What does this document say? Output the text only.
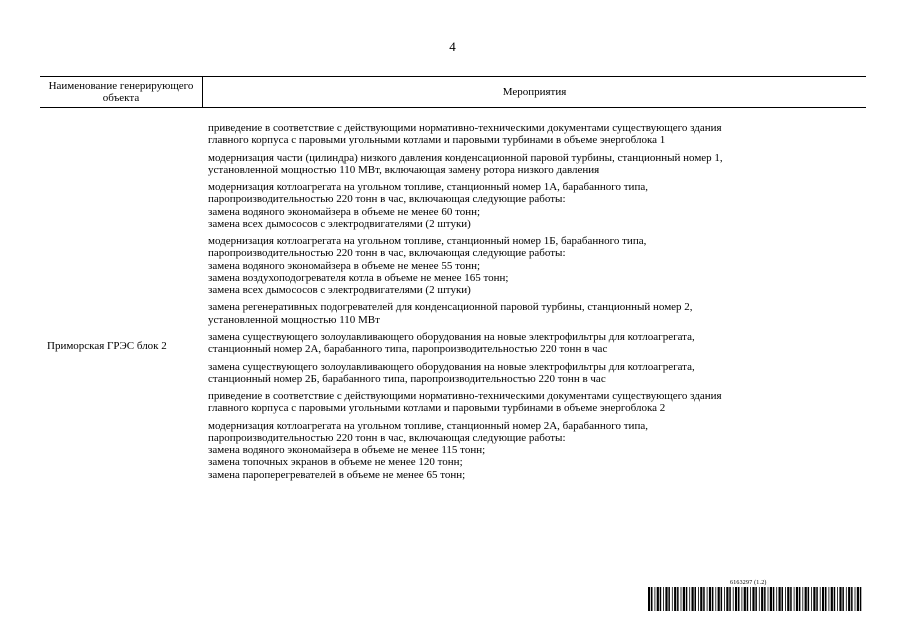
4
Наименование генерирующего объекта	Мероприятия
Приморская ГРЭС блок 2
приведение в соответствие с действующими нормативно-техническими документами существующего здания
главного корпуса с паровыми угольными котлами и паровыми турбинами в объеме энергоблока 1
модернизация части (цилиндра) низкого давления конденсационной паровой турбины, станционный номер 1,
установленной мощностью 110 МВт, включающая замену ротора низкого давления
модернизация котлоагрегата на угольном топливе, станционный номер 1А, барабанного типа,
паропроизводительностью 220 тонн в час, включающая следующие работы:
замена водяного экономайзера в объеме не менее 60 тонн;
замена всех дымососов с электродвигателями (2 штуки)
модернизация котлоагрегата на угольном топливе, станционный номер 1Б, барабанного типа,
паропроизводительностью 220 тонн в час, включающая следующие работы:
замена водяного экономайзера в объеме не менее 55 тонн;
замена воздухоподогревателя котла в объеме не менее 165 тонн;
замена всех дымососов с электродвигателями (2 штуки)
замена регенеративных подогревателей для конденсационной паровой турбины, станционный номер 2,
установленной мощностью 110 МВт
замена существующего золоулавливающего оборудования на новые электрофильтры для котлоагрегата,
станционный номер 2А, барабанного типа, паропроизводительностью 220 тонн в час
замена существующего золоулавливающего оборудования на новые электрофильтры для котлоагрегата,
станционный номер 2Б, барабанного типа, паропроизводительностью 220 тонн в час
приведение в соответствие с действующими нормативно-техническими документами существующего здания
главного корпуса с паровыми угольными котлами и паровыми турбинами в объеме энергоблока 2
модернизация котлоагрегата на угольном топливе, станционный номер 2А, барабанного типа,
паропроизводительностью 220 тонн в час, включающая следующие работы:
замена водяного экономайзера в объеме не менее 115 тонн;
замена топочных экранов в объеме не менее 120 тонн;
замена пароперегревателей в объеме не менее 65 тонн;
6163297 (1.2)
